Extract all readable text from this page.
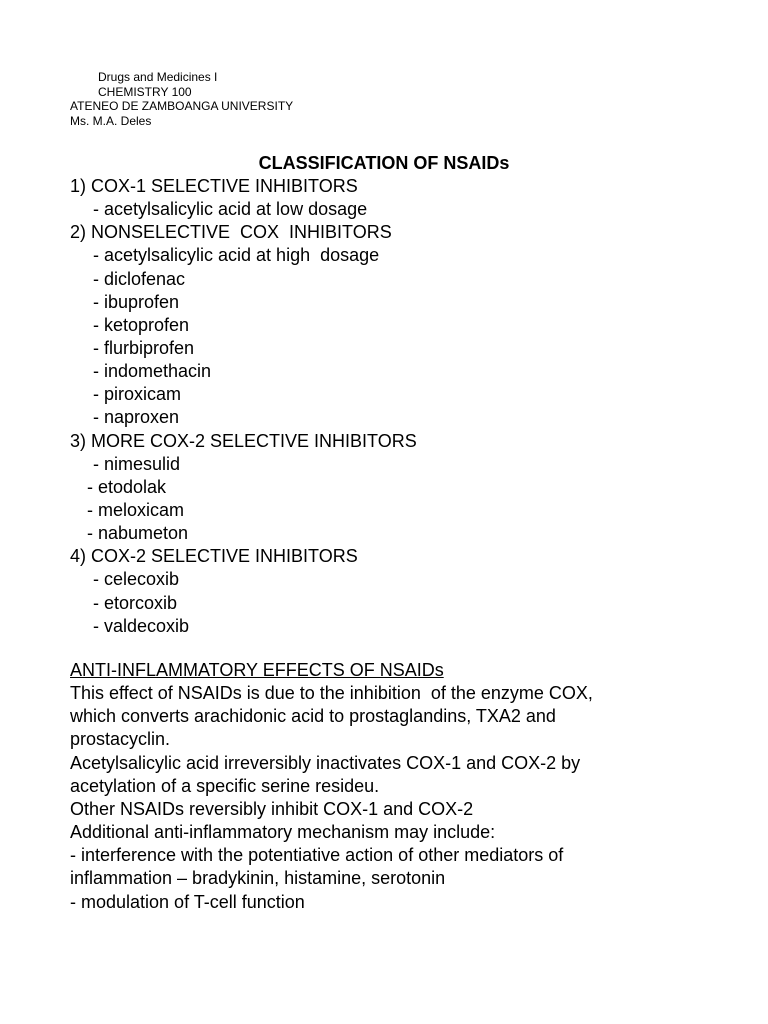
Drugs and Medicines I
CHEMISTRY 100
ATENEO DE ZAMBOANGA UNIVERSITY
Ms. M.A. Deles
CLASSIFICATION OF NSAIDs
1) COX-1 SELECTIVE INHIBITORS
- acetylsalicylic acid at low dosage
2) NONSELECTIVE  COX  INHIBITORS
- acetylsalicylic acid at high  dosage
- diclofenac
- ibuprofen
- ketoprofen
- flurbiprofen
- indomethacin
- piroxicam
- naproxen
3) MORE COX-2 SELECTIVE INHIBITORS
- nimesulid
- etodolak
- meloxicam
- nabumeton
4) COX-2 SELECTIVE INHIBITORS
- celecoxib
- etorcoxib
- valdecoxib
ANTI-INFLAMMATORY EFFECTS OF NSAIDs
This effect of NSAIDs is due to the inhibition  of the enzyme COX,
which converts arachidonic acid to prostaglandins, TXA2 and
prostacyclin.
Acetylsalicylic acid irreversibly inactivates COX-1 and COX-2 by
acetylation of a specific serine resideu.
Other NSAIDs reversibly inhibit COX-1 and COX-2
Additional anti-inflammatory mechanism may include:
- interference with the potentiative action of other mediators of
inflammation – bradykinin, histamine, serotonin
- modulation of T-cell function
